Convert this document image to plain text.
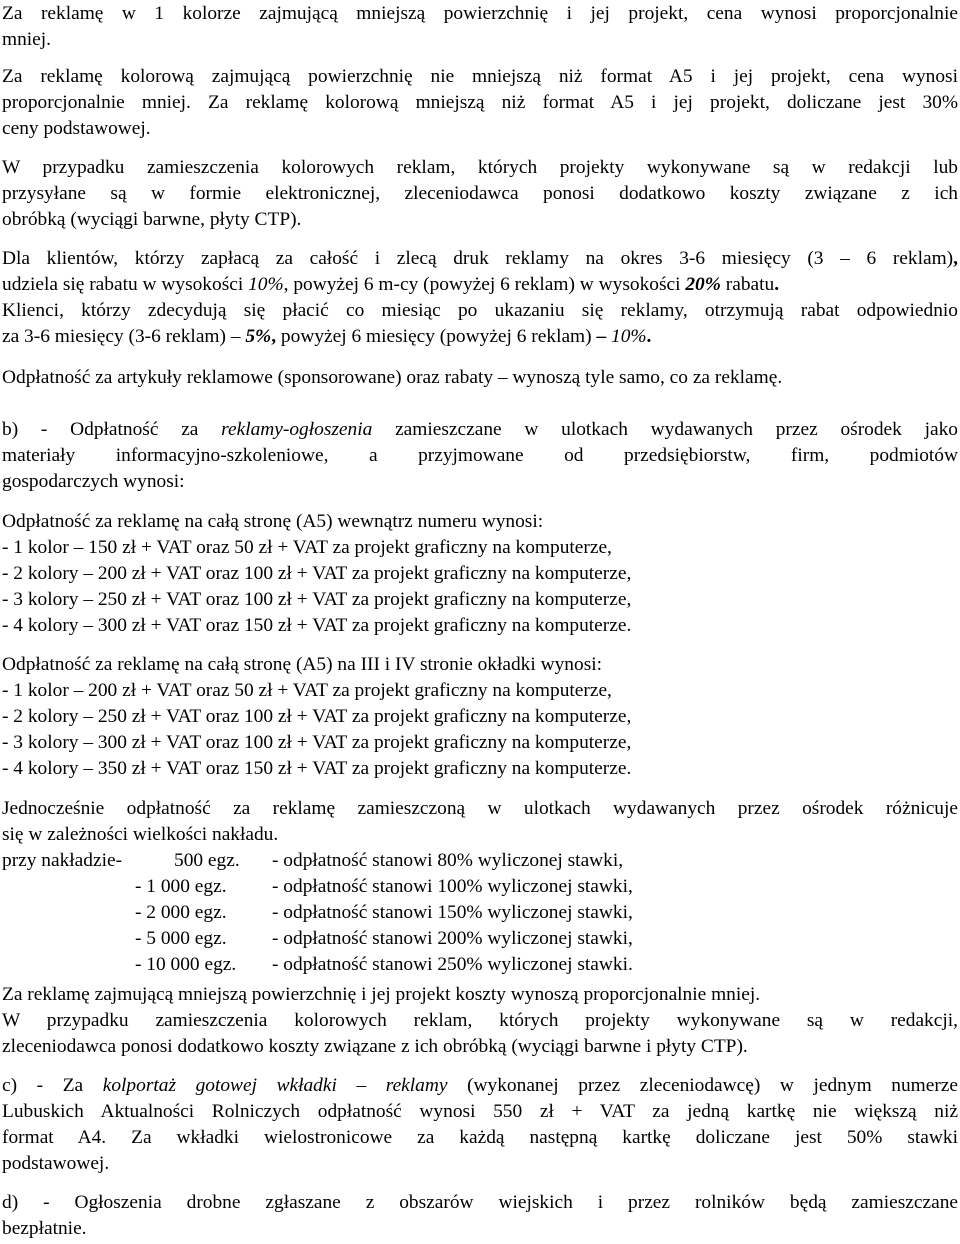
Za reklamę w 1 kolorze zajmującą mniejszą powierzchnię i jej projekt, cena wynosi proporcjonalnie
mniej.
Za reklamę kolorową zajmującą powierzchnię nie mniejszą niż format A5 i jej projekt, cena wynosi
proporcjonalnie mniej. Za reklamę kolorową mniejszą niż format A5 i jej projekt, doliczane jest 30%
ceny podstawowej.
W przypadku zamieszczenia kolorowych reklam, których projekty wykonywane są w redakcji lub
przysyłane są w formie elektronicznej, zleceniodawca ponosi dodatkowo koszty związane z ich
obróbką (wyciągi barwne, płyty CTP).
Dla klientów, którzy zapłacą za całość i zlecą druk reklamy na okres 3-6 miesięcy (3 – 6 reklam),
udziela się rabatu w wysokości 10%, powyżej 6 m-cy (powyżej 6 reklam) w wysokości 20% rabatu.
Klienci, którzy zdecydują się płacić co miesiąc po ukazaniu się reklamy, otrzymują rabat odpowiednio
za 3-6 miesięcy (3-6 reklam) – 5%, powyżej 6 miesięcy (powyżej 6 reklam) – 10%.
Odpłatność za artykuły reklamowe (sponsorowane) oraz rabaty – wynoszą tyle samo, co za reklamę.
b) - Odpłatność za reklamy-ogłoszenia zamieszczane w ulotkach wydawanych przez ośrodek jako
materiały informacyjno-szkoleniowe, a przyjmowane od przedsiębiorstw, firm, podmiotów
gospodarczych wynosi:
Odpłatność za reklamę na całą stronę (A5) wewnątrz numeru wynosi:
- 1 kolor – 150 zł + VAT oraz 50 zł + VAT za projekt graficzny na komputerze,
- 2 kolory – 200 zł + VAT oraz 100 zł + VAT za projekt graficzny na komputerze,
- 3 kolory – 250 zł + VAT oraz 100 zł + VAT za projekt graficzny na komputerze,
- 4 kolory – 300 zł + VAT oraz 150 zł + VAT za projekt graficzny na komputerze.
Odpłatność za reklamę na całą stronę (A5) na III i IV stronie okładki wynosi:
- 1 kolor – 200 zł + VAT oraz 50 zł + VAT za projekt graficzny na komputerze,
- 2 kolory – 250 zł + VAT oraz 100 zł + VAT za projekt graficzny na komputerze,
- 3 kolory – 300 zł + VAT oraz 100 zł + VAT za projekt graficzny na komputerze,
- 4 kolory – 350 zł + VAT oraz 150 zł + VAT za projekt graficzny na komputerze.
Jednocześnie odpłatność za reklamę zamieszczoną w ulotkach wydawanych przez ośrodek różnicuje
się w zależności wielkości nakładu.
przy nakładzie-	500 egz. - odpłatność stanowi 80% wyliczonej stawki,
- 1 000 egz. - odpłatność stanowi 100% wyliczonej stawki,
- 2 000 egz. - odpłatność stanowi 150% wyliczonej stawki,
- 5 000 egz. - odpłatność stanowi 200% wyliczonej stawki,
- 10 000 egz. - odpłatność stanowi 250% wyliczonej stawki.
Za reklamę zajmującą mniejszą powierzchnię i jej projekt koszty wynoszą proporcjonalnie mniej.
W przypadku zamieszczenia kolorowych reklam, których projekty wykonywane są w redakcji,
zleceniodawca ponosi dodatkowo koszty związane z ich obróbką (wyciągi barwne i płyty CTP).
c) - Za kolportaż gotowej wkładki – reklamy (wykonanej przez zleceniodawcę) w jednym numerze
Lubuskich Aktualności Rolniczych odpłatność wynosi 550 zł + VAT za jedną kartkę nie większą niż
format A4. Za wkładki wielostronicowe za każdą następną kartkę doliczane jest 50% stawki
podstawowej.
d) - Ogłoszenia drobne zgłaszane z obszarów wiejskich i przez rolników będą zamieszczane
bezpłatnie.
